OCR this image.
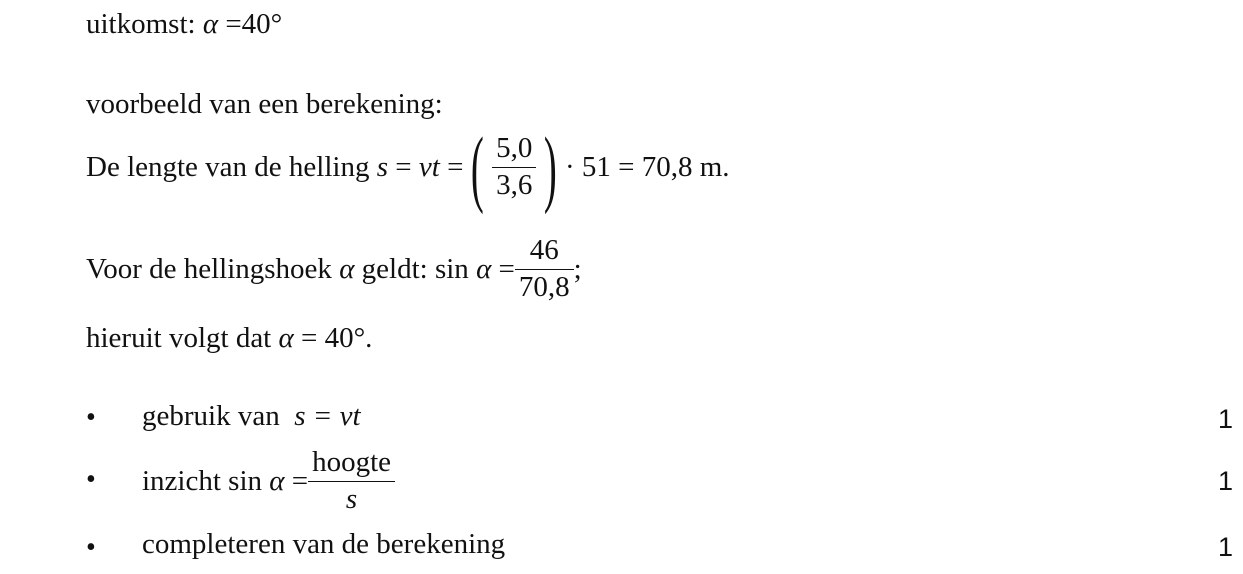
uitkomst: α =40°
voorbeeld van een berekening:
De lengte van de helling
s
=
vt
= ( $\frac{5,0}{3,6}$ ) · 51 = 70,8 m .
Voor de hellingshoek
α
geldt:
sin
α
= $\frac{46}{70,8}$ ;
hieruit volgt dat α = 40°.
• gebruik van s = vt	1
• inzicht
sin
α
= $\frac{\text{hoogte}}{s}$	1
• completeren van de berekening	1
